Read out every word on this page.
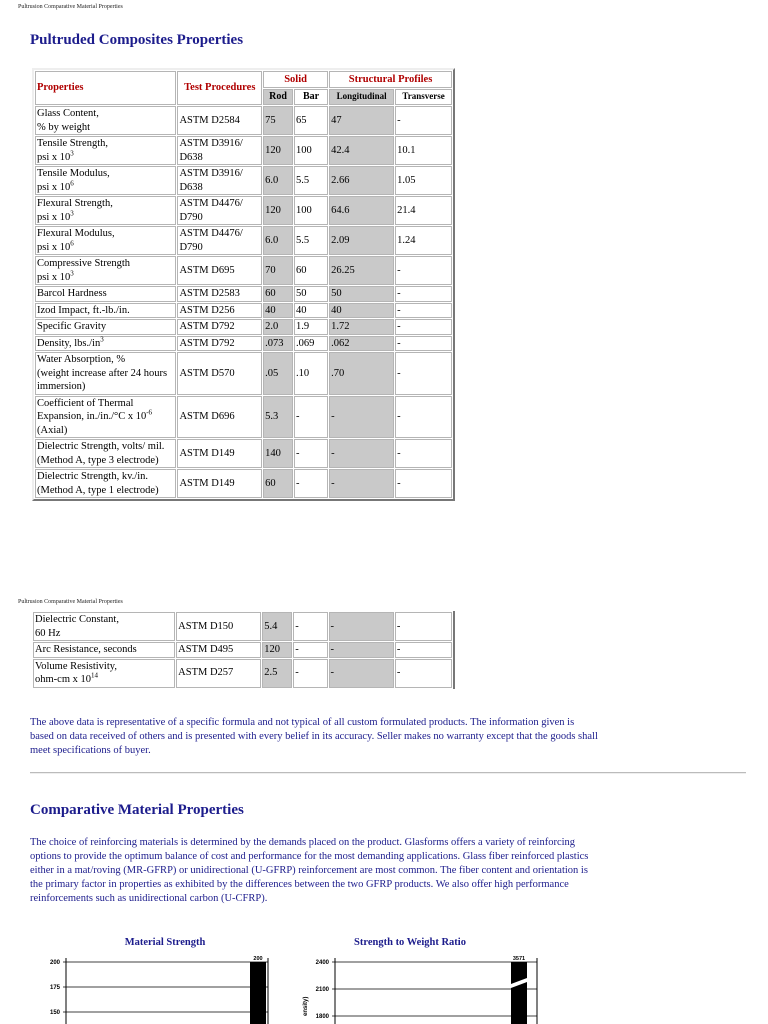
Pultrusion Comparative Material Properties
Pultruded Composites Properties
Properties	Test Procedures	Solid		Structural Profiles	
		Rod	Bar	Longitudinal	Transverse
Glass Content,
% by weight	ASTM D2584	75	65	47	-
Tensile Strength,
psi x $10^3$	ASTM D3916/ D638	120	100	42.4	10.1
Tensile Modulus,
psi x $10^6$	ASTM D3916/ D638	6.0	5.5	2.66	1.05
Flexural Strength,
psi x $10^3$	ASTM D4476/ D790	120	100	64.6	21.4
Flexural Modulus,
psi x $10^6$	ASTM D4476/ D790	6.0	5.5	2.09	1.24
Compressive Strength
psi x $10^3$	ASTM D695	70	60	26.25	-
Barcol Hardness	ASTM D2583	60	50	50	-
Izod Impact, ft.-lb./in.	ASTM D256	40	40	40	-
Specific Gravity	ASTM D792	2.0	1.9	1.72	-
Density, $lbs./in^3$	ASTM D792	.073	.069	.062	-
Water Absorption, %
(weight increase after 24 hours immersion)	ASTM D570	.05	.10	.70	-
Coefficient of Thermal Expansion, in./in./°C x $10^{-6}$
(Axial)	ASTM D696	5.3	-	-	-
Dielectric Strength, volts/ mil. (Method A, type 3 electrode)	ASTM D149	140	-	-	-
Dielectric Strength, kv./in. (Method A, type 1 electrode)	ASTM D149	60	-	-	-
Pultrusion Comparative Material Properties
Dielectric Constant,
60 Hz	ASTM D150	5.4	-	-	-
Arc Resistance, seconds	ASTM D495	120	-	-	-
Volume Resistivity,
ohm-cm x $10^{14}$	ASTM D257	2.5	-	-	-

The above data is representative of a specific formula and not typical of all custom formulated products. The information given is based on data received of others and is presented with every belief in its accuracy. Seller makes no warranty except that the goods shall meet specifications of buyer.

Comparative Material Properties

The choice of reinforcing materials is determined by the demands placed on the product. Glasforms offers a variety of reinforcing options to provide the optimum balance of cost and performance for the most demanding applications. Glass fiber reinforced plastics either in a mat/roving (MR-GFRP) or unidirectional (U-GFRP) reinforcement are most common. The fiber content and orientation is the primary factor in properties as exhibited by the differences between the two GFRP products. We also offer high performance reinforcements such as unidirectional carbon (U-CFRP).

Material Strength	Strength to Weight Ratio
200
175
150
200
2400
2100
1800
3571
ensity)
